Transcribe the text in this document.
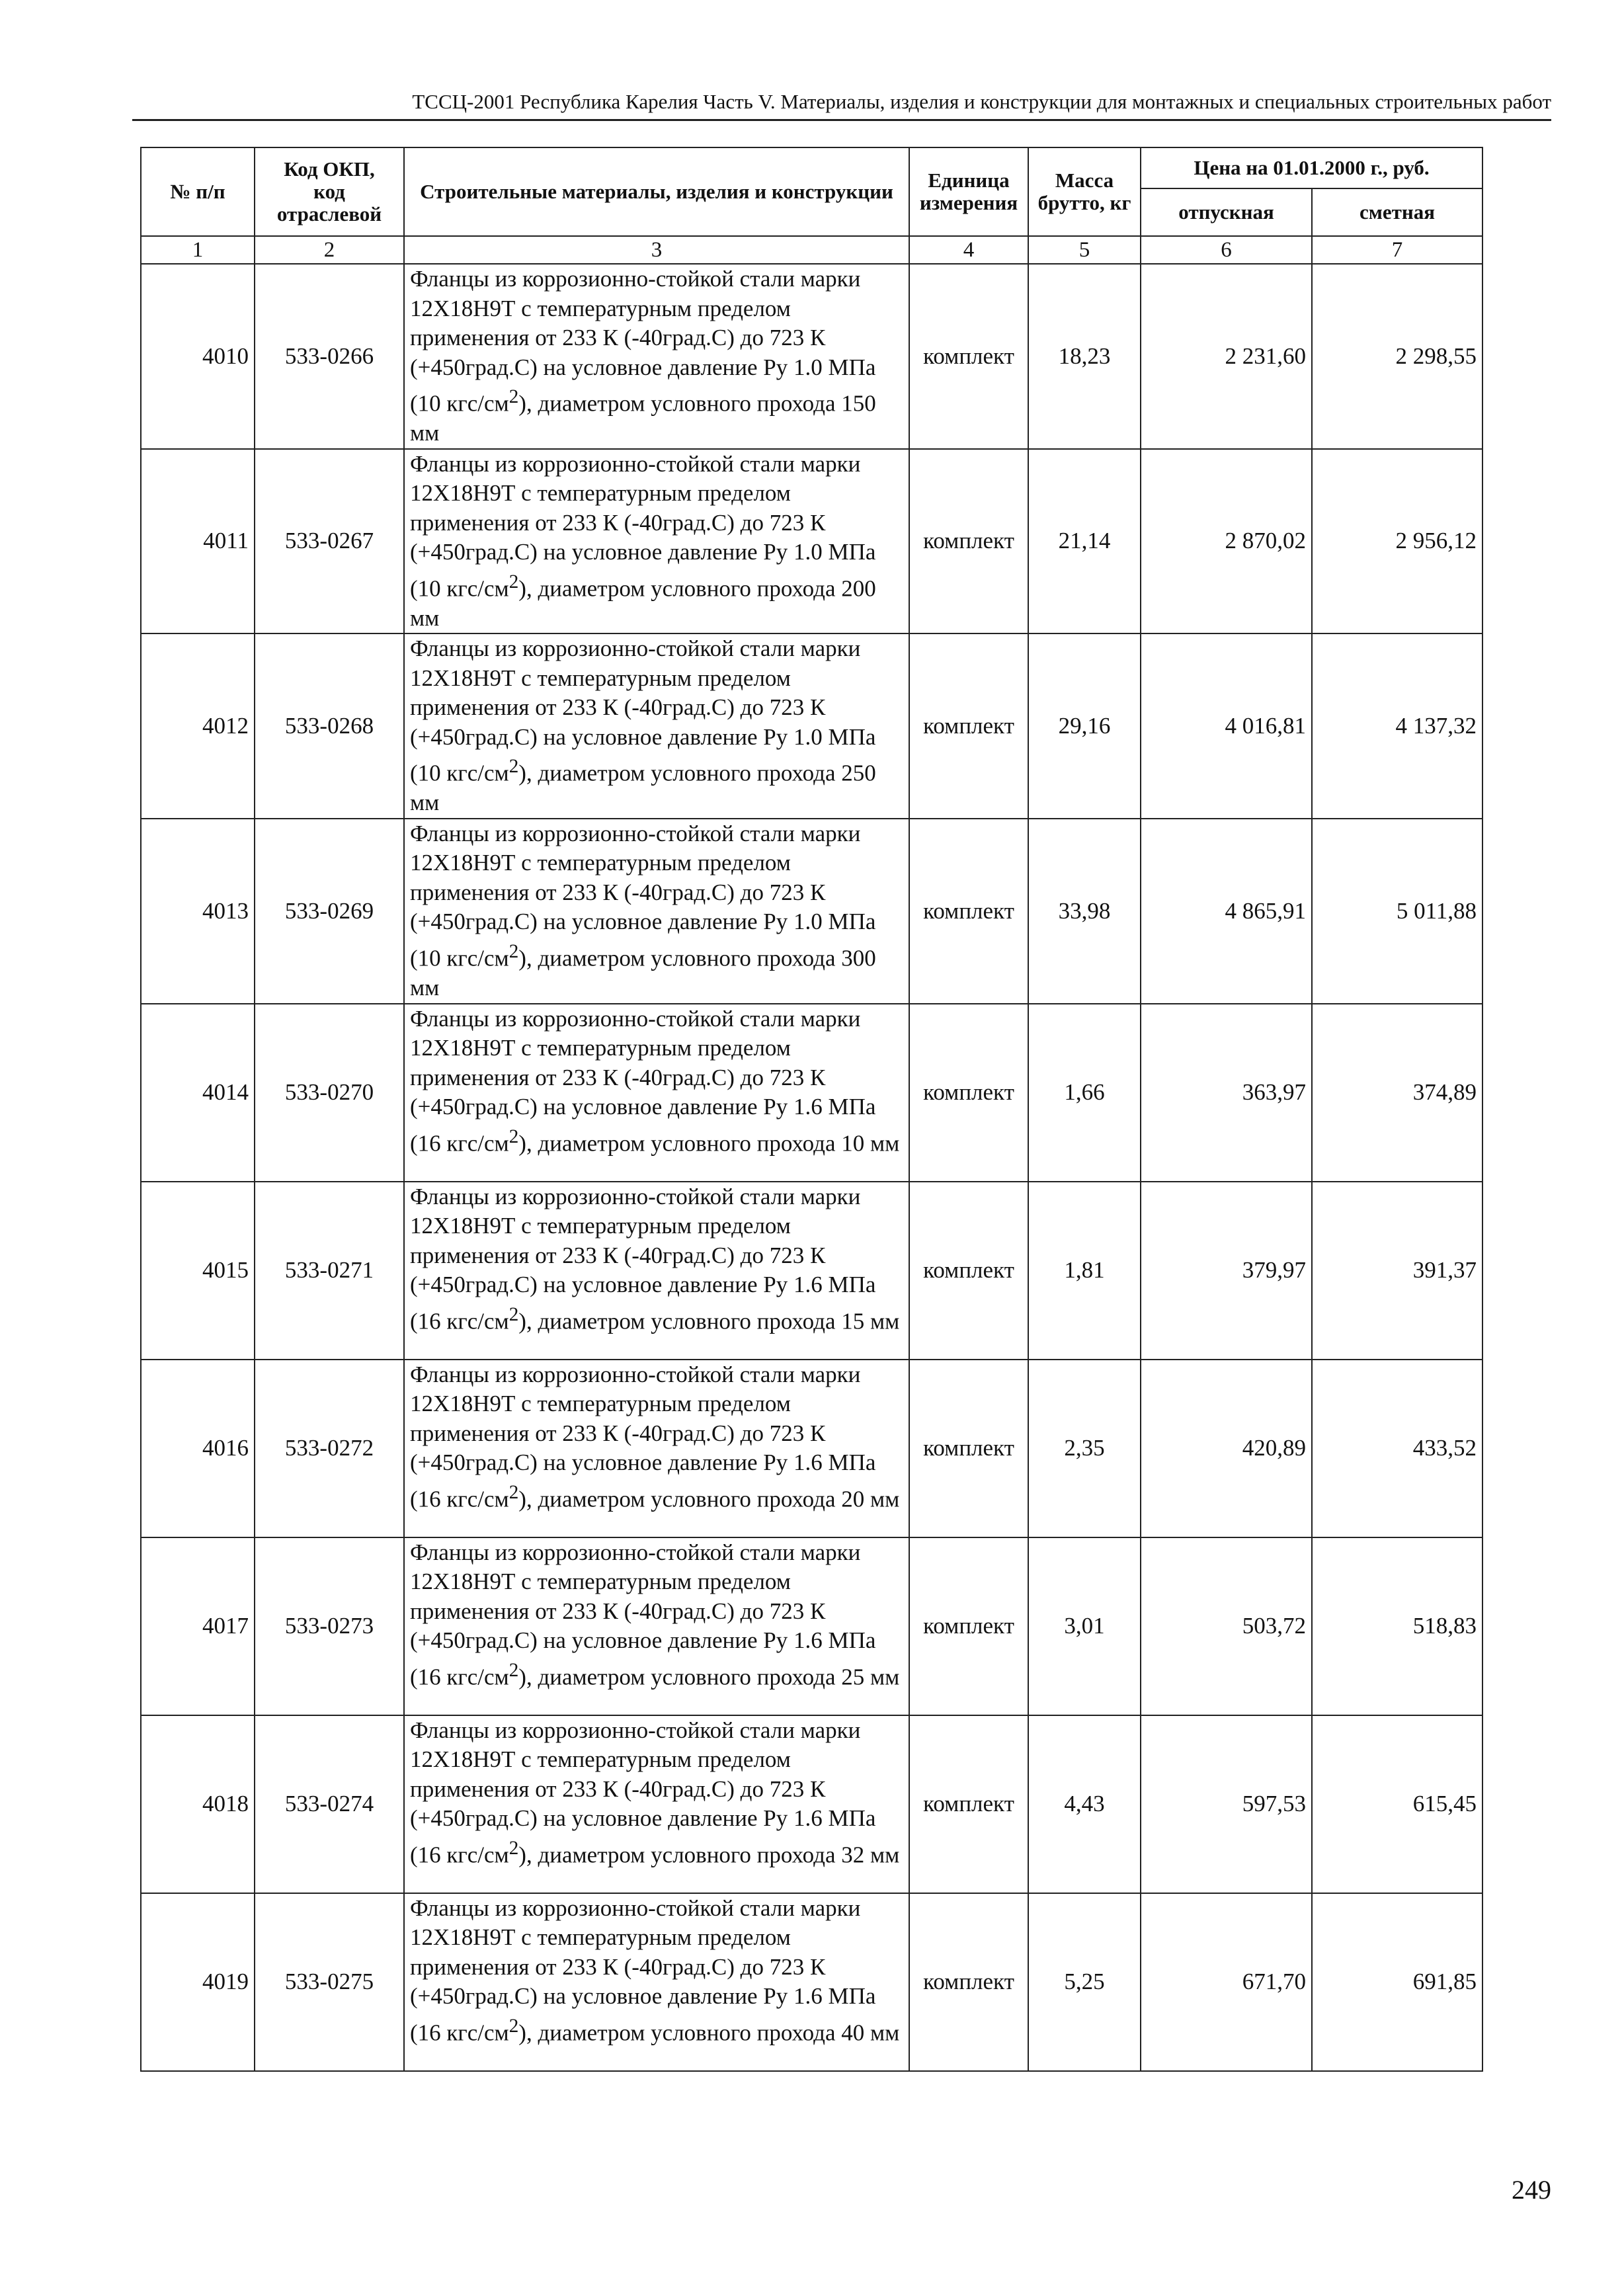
ТССЦ-2001 Республика Карелия Часть V. Материалы, изделия и конструкции для монтажных и специальных строительных работ
№ п/п	Код ОКП,
код
отраслевой	Строительные материалы, изделия и конструкции	Единица измерения	Масса брутто, кг	Цена на 01.01.2000 г., руб.	
					отпускная	сметная
1	2	3	4	5	6	7
4010	533-0266	Фланцы из коррозионно-стойкой стали марки 12Х18Н9Т с температурным пределом применения от 233 К (-40град.С) до 723 К (+450град.С) на условное давление Ру 1.0 МПа (10 кгс/$см^2$), диаметром условного прохода 150 мм	комплект	18,23	2 231,60	2 298,55
4011	533-0267	Фланцы из коррозионно-стойкой стали марки 12Х18Н9Т с температурным пределом применения от 233 К (-40град.С) до 723 К (+450град.С) на условное давление Ру 1.0 МПа (10 кгс/$см^2$), диаметром условного прохода 200 мм	комплект	21,14	2 870,02	2 956,12
4012	533-0268	Фланцы из коррозионно-стойкой стали марки 12Х18Н9Т с температурным пределом применения от 233 К (-40град.С) до 723 К (+450град.С) на условное давление Ру 1.0 МПа (10 кгс/$см^2$), диаметром условного прохода 250 мм	комплект	29,16	4 016,81	4 137,32
4013	533-0269	Фланцы из коррозионно-стойкой стали марки 12Х18Н9Т с температурным пределом применения от 233 К (-40град.С) до 723 К (+450град.С) на условное давление Ру 1.0 МПа (10 кгс/$см^2$), диаметром условного прохода 300 мм	комплект	33,98	4 865,91	5 011,88
4014	533-0270	Фланцы из коррозионно-стойкой стали марки 12Х18Н9Т с температурным пределом применения от 233 К (-40град.С) до 723 К (+450град.С) на условное давление Ру 1.6 МПа (16 кгс/$см^2$), диаметром условного прохода 10 мм	комплект	1,66	363,97	374,89
4015	533-0271	Фланцы из коррозионно-стойкой стали марки 12Х18Н9Т с температурным пределом применения от 233 К (-40град.С) до 723 К (+450град.С) на условное давление Ру 1.6 МПа (16 кгс/$см^2$), диаметром условного прохода 15 мм	комплект	1,81	379,97	391,37
4016	533-0272	Фланцы из коррозионно-стойкой стали марки 12Х18Н9Т с температурным пределом применения от 233 К (-40град.С) до 723 К (+450град.С) на условное давление Ру 1.6 МПа (16 кгс/$см^2$), диаметром условного прохода 20 мм	комплект	2,35	420,89	433,52
4017	533-0273	Фланцы из коррозионно-стойкой стали марки 12Х18Н9Т с температурным пределом применения от 233 К (-40град.С) до 723 К (+450град.С) на условное давление Ру 1.6 МПа (16 кгс/$см^2$), диаметром условного прохода 25 мм	комплект	3,01	503,72	518,83
4018	533-0274	Фланцы из коррозионно-стойкой стали марки 12Х18Н9Т с температурным пределом применения от 233 К (-40град.С) до 723 К (+450град.С) на условное давление Ру 1.6 МПа (16 кгс/$см^2$), диаметром условного прохода 32 мм	комплект	4,43	597,53	615,45
4019	533-0275	Фланцы из коррозионно-стойкой стали марки 12Х18Н9Т с температурным пределом применения от 233 К (-40град.С) до 723 К (+450град.С) на условное давление Ру 1.6 МПа (16 кгс/$см^2$), диаметром условного прохода 40 мм	комплект	5,25	671,70	691,85
249
